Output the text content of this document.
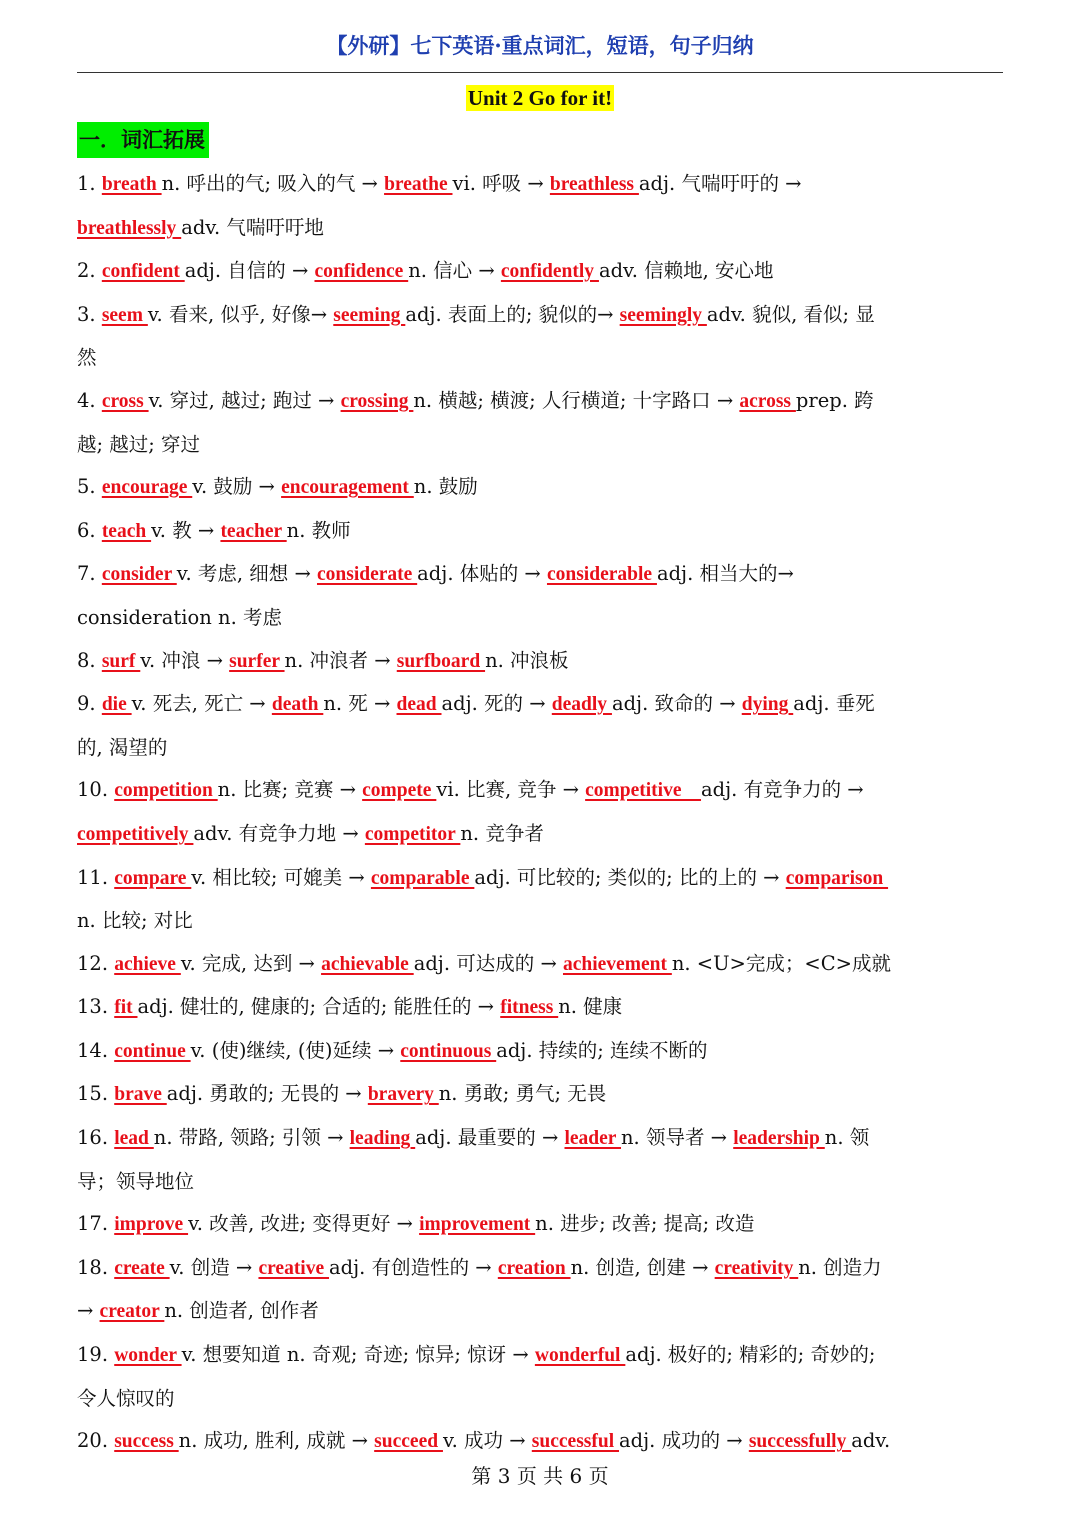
【外研】七下英语·重点词汇，短语，句子归纳
Unit 2 Go for it!
一．词汇拓展
1. breath n. 呼出的气; 吸入的气 → breathe vi. 呼吸 → breathless adj. 气喘吁吁的 →
breathlessly adv. 气喘吁吁地
2. confident adj. 自信的 → confidence n. 信心 → confidently adv. 信赖地, 安心地
3. seem v. 看来, 似乎, 好像→ seeming adj. 表面上的; 貌似的→ seemingly adv. 貌似, 看似; 显
然
4. cross v. 穿过, 越过; 跑过 → crossing n. 横越; 横渡; 人行横道; 十字路口 → across prep. 跨
越; 越过; 穿过
5. encourage v. 鼓励 → encouragement n. 鼓励
6. teach v. 教 → teacher n. 教师
7. consider v. 考虑, 细想 → considerate adj. 体贴的 → considerable adj. 相当大的→
consideration n. 考虑
8. surf v. 冲浪 → surfer n. 冲浪者 → surfboard n. 冲浪板
9. die v. 死去, 死亡 → death n. 死 → dead adj. 死的 → deadly adj. 致命的 → dying adj. 垂死
的, 渴望的
10. competition n. 比赛; 竞赛 → compete vi. 比赛, 竞争 → competitive    adj. 有竞争力的 →
competitively adv. 有竞争力地 → competitor n. 竞争者
11. compare v. 相比较; 可媲美 → comparable adj. 可比较的; 类似的; 比的上的 → comparison
n. 比较; 对比
12. achieve v. 完成, 达到 → achievable adj. 可达成的 → achievement n. <U>完成；<C>成就
13. fit adj. 健壮的, 健康的; 合适的; 能胜任的 → fitness n. 健康
14. continue v. (使)继续, (使)延续 → continuous adj. 持续的; 连续不断的
15. brave adj. 勇敢的; 无畏的 → bravery n. 勇敢; 勇气; 无畏
16. lead n. 带路, 领路; 引领 → leading adj. 最重要的 → leader n. 领导者 → leadership n. 领
导；领导地位
17. improve v. 改善, 改进; 变得更好 → improvement n. 进步; 改善; 提高; 改造
18. create v. 创造 → creative adj. 有创造性的 → creation n. 创造, 创建 → creativity n. 创造力
→ creator n. 创造者, 创作者
19. wonder v. 想要知道 n. 奇观; 奇迹; 惊异; 惊讶 → wonderful adj. 极好的; 精彩的; 奇妙的;
令人惊叹的
20. success n. 成功, 胜利, 成就 → succeed v. 成功 → successful adj. 成功的 → successfully adv.
第 3 页 共 6 页
